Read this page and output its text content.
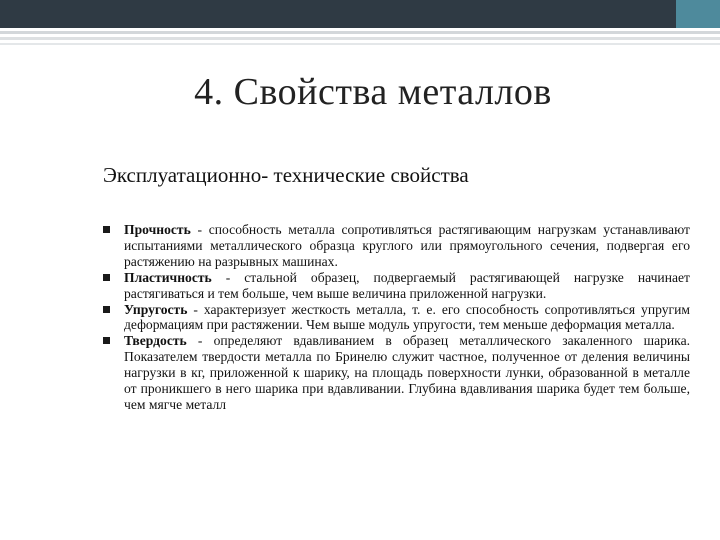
4. Свойства металлов

Эксплуатационно- технические свойства

Прочность - способность металла сопротивляться растягивающим нагрузкам устанавливают испытаниями металлического образца круглого или прямоугольного сечения, подвергая его растяжению на разрывных машинах.
Пластичность - стальной образец, подвергаемый растягивающей нагрузке начинает растягиваться и тем больше, чем выше величина приложенной нагрузки.
Упругость - характеризует жесткость металла, т. е. его способность сопротивляться упругим деформациям при растяжении. Чем выше модуль упругости, тем меньше деформация металла.
Твердость - определяют вдавливанием в образец металлического закаленного шарика. Показателем твердости металла по Бринелю служит частное, полученное от деления величины нагрузки в кг, приложенной к шарику, на площадь поверхности лунки, образованной в металле от проникшего в него шарика при вдавливании. Глубина вдавливания шарика будет тем больше, чем мягче металл
